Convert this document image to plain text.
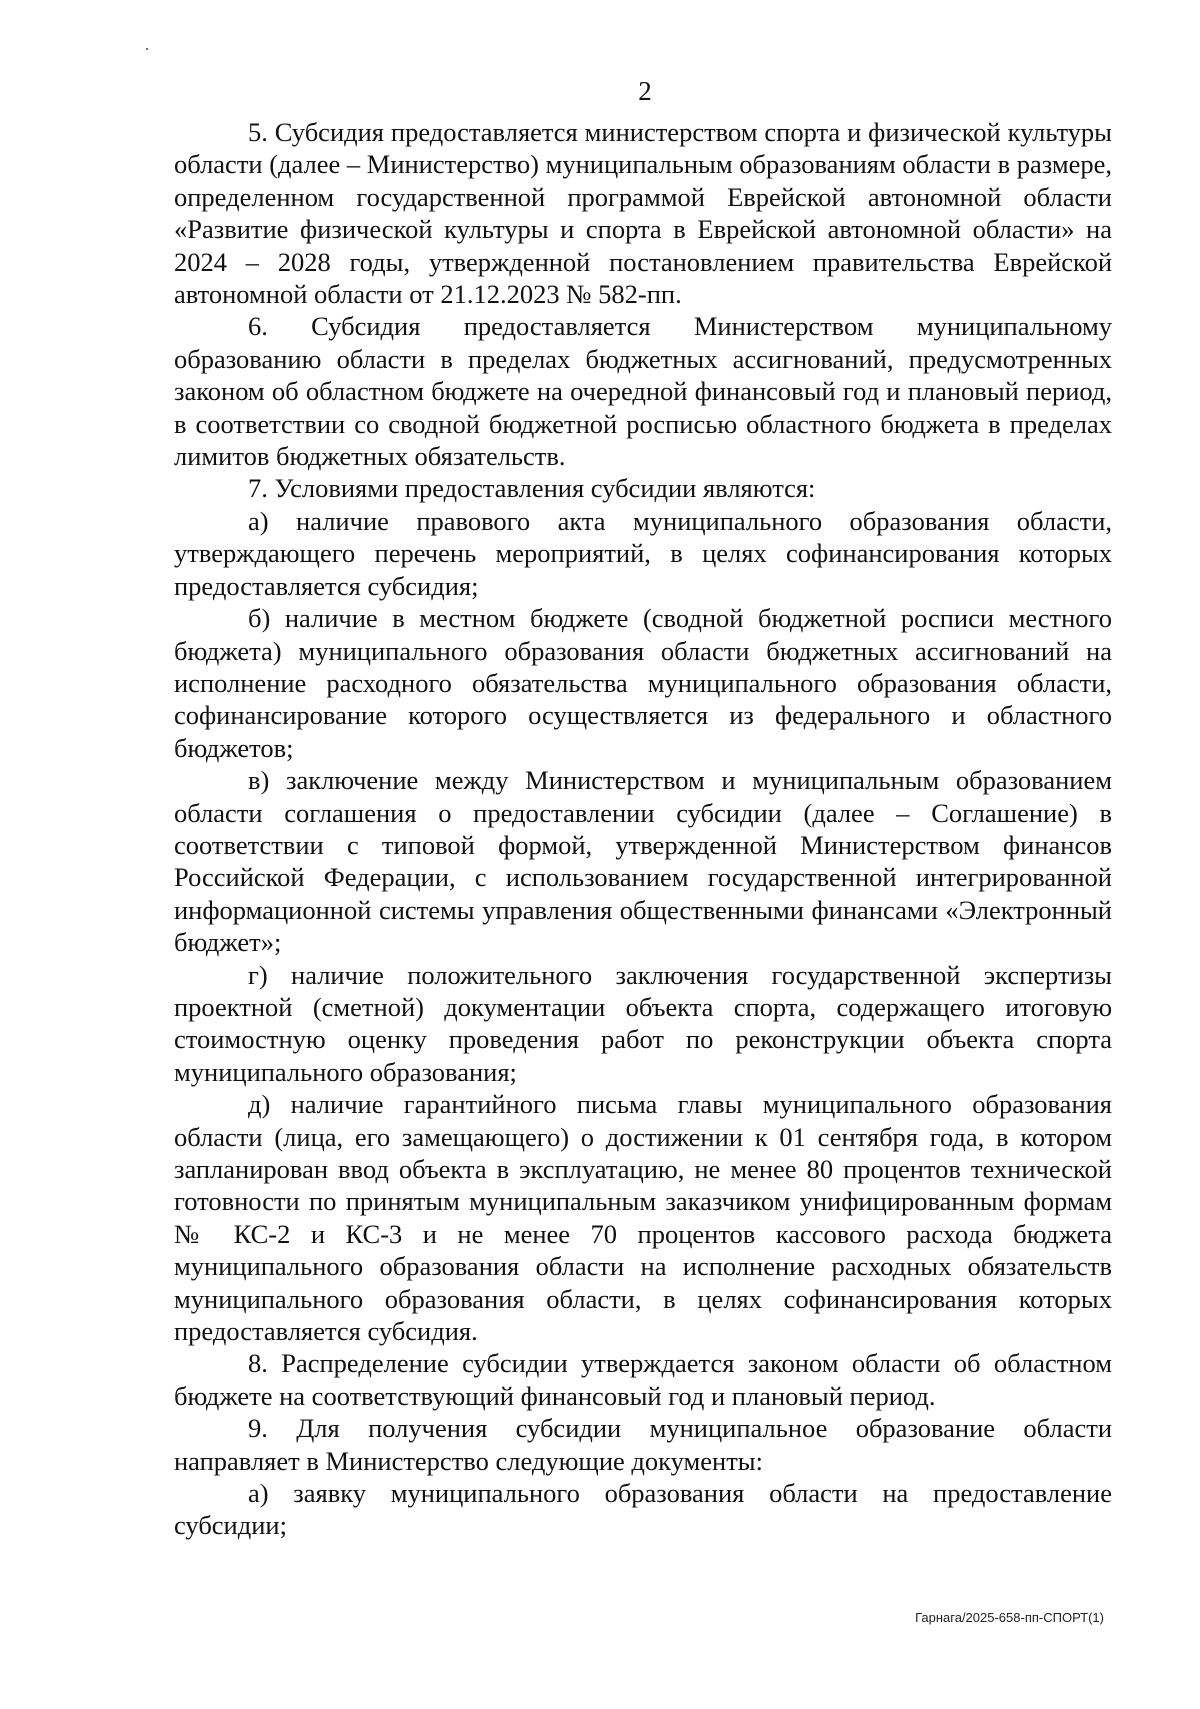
2

5. Субсидия предоставляется министерством спорта и физической культуры области (далее – Министерство) муниципальным образованиям области в размере, определенном государственной программой Еврейской автономной области «Развитие физической культуры и спорта в Еврейской автономной области» на 2024 – 2028 годы, утвержденной постановлением правительства Еврейской автономной области от 21.12.2023 № 582-пп.

6. Субсидия предоставляется Министерством муниципальному образованию области в пределах бюджетных ассигнований, предусмотренных законом об областном бюджете на очередной финансовый год и плановый период, в соответствии со сводной бюджетной росписью областного бюджета в пределах лимитов бюджетных обязательств.

7. Условиями предоставления субсидии являются:

а) наличие правового акта муниципального образования области, утверждающего перечень мероприятий, в целях софинансирования которых предоставляется субсидия;

б) наличие в местном бюджете (сводной бюджетной росписи местного бюджета) муниципального образования области бюджетных ассигнований на исполнение расходного обязательства муниципального образования области, софинансирование которого осуществляется из федерального и областного бюджетов;

в) заключение между Министерством и муниципальным образованием области соглашения о предоставлении субсидии (далее – Соглашение) в соответствии с типовой формой, утвержденной Министерством финансов Российской Федерации, с использованием государственной интегрированной информационной системы управления общественными финансами «Электронный бюджет»;

г) наличие положительного заключения государственной экспертизы проектной (сметной) документации объекта спорта, содержащего итоговую стоимостную оценку проведения работ по реконструкции объекта спорта муниципального образования;

д) наличие гарантийного письма главы муниципального образования области (лица, его замещающего) о достижении к 01 сентября года, в котором запланирован ввод объекта в эксплуатацию, не менее 80 процентов технической готовности по принятым муниципальным заказчиком унифицированным формам № КС-2 и КС-3 и не менее 70 процентов кассового расхода бюджета муниципального образования области на исполнение расходных обязательств муниципального образования области, в целях софинансирования которых предоставляется субсидия.

8. Распределение субсидии утверждается законом области об областном бюджете на соответствующий финансовый год и плановый период.

9. Для получения субсидии муниципальное образование области направляет в Министерство следующие документы:

а) заявку муниципального образования области на предоставление субсидии;

Гарнага/2025-658-пп-СПОРТ(1)
